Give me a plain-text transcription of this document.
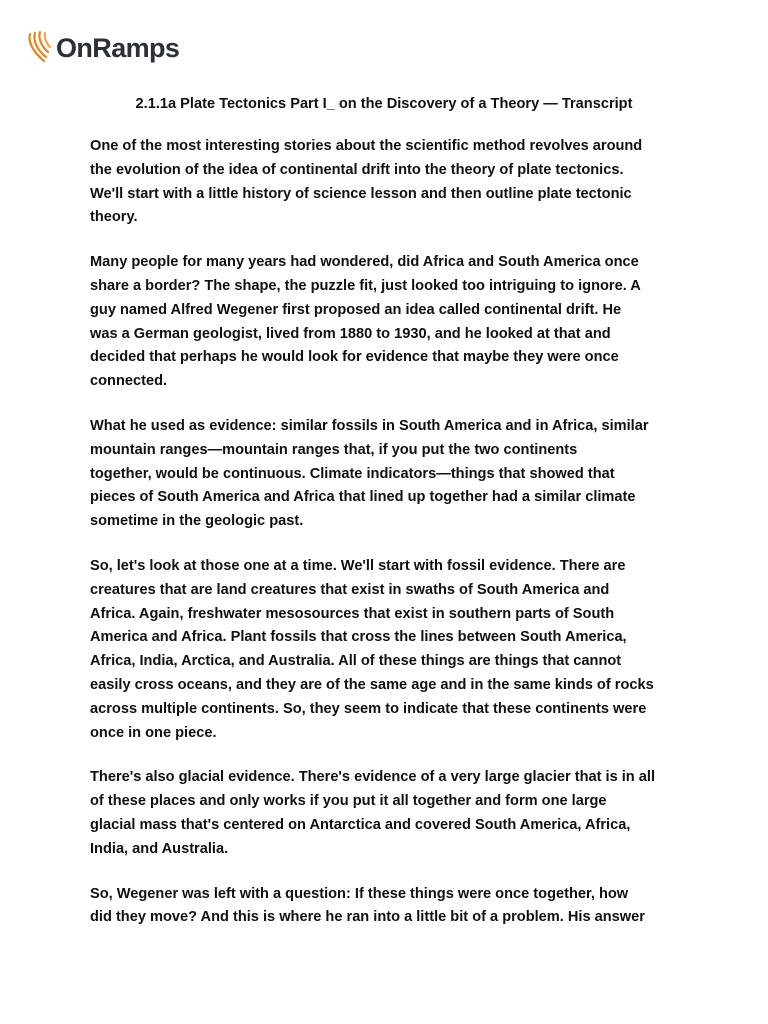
OnRamps
2.1.1a Plate Tectonics Part I_ on the Discovery of a Theory — Transcript

One of the most interesting stories about the scientific method revolves around
the evolution of the idea of continental drift into the theory of plate tectonics.
We'll start with a little history of science lesson and then outline plate tectonic
theory.

Many people for many years had wondered, did Africa and South America once
share a border? The shape, the puzzle fit, just looked too intriguing to ignore. A
guy named Alfred Wegener first proposed an idea called continental drift. He
was a German geologist, lived from 1880 to 1930, and he looked at that and
decided that perhaps he would look for evidence that maybe they were once
connected.

What he used as evidence: similar fossils in South America and in Africa, similar
mountain ranges—mountain ranges that, if you put the two continents
together, would be continuous. Climate indicators—things that showed that
pieces of South America and Africa that lined up together had a similar climate
sometime in the geologic past.

So, let's look at those one at a time. We'll start with fossil evidence. There are
creatures that are land creatures that exist in swaths of South America and
Africa. Again, freshwater mesosources that exist in southern parts of South
America and Africa. Plant fossils that cross the lines between South America,
Africa, India, Arctica, and Australia. All of these things are things that cannot
easily cross oceans, and they are of the same age and in the same kinds of rocks
across multiple continents. So, they seem to indicate that these continents were
once in one piece.

There's also glacial evidence. There's evidence of a very large glacier that is in all
of these places and only works if you put it all together and form one large
glacial mass that's centered on Antarctica and covered South America, Africa,
India, and Australia.

So, Wegener was left with a question: If these things were once together, how
did they move? And this is where he ran into a little bit of a problem. His answer
